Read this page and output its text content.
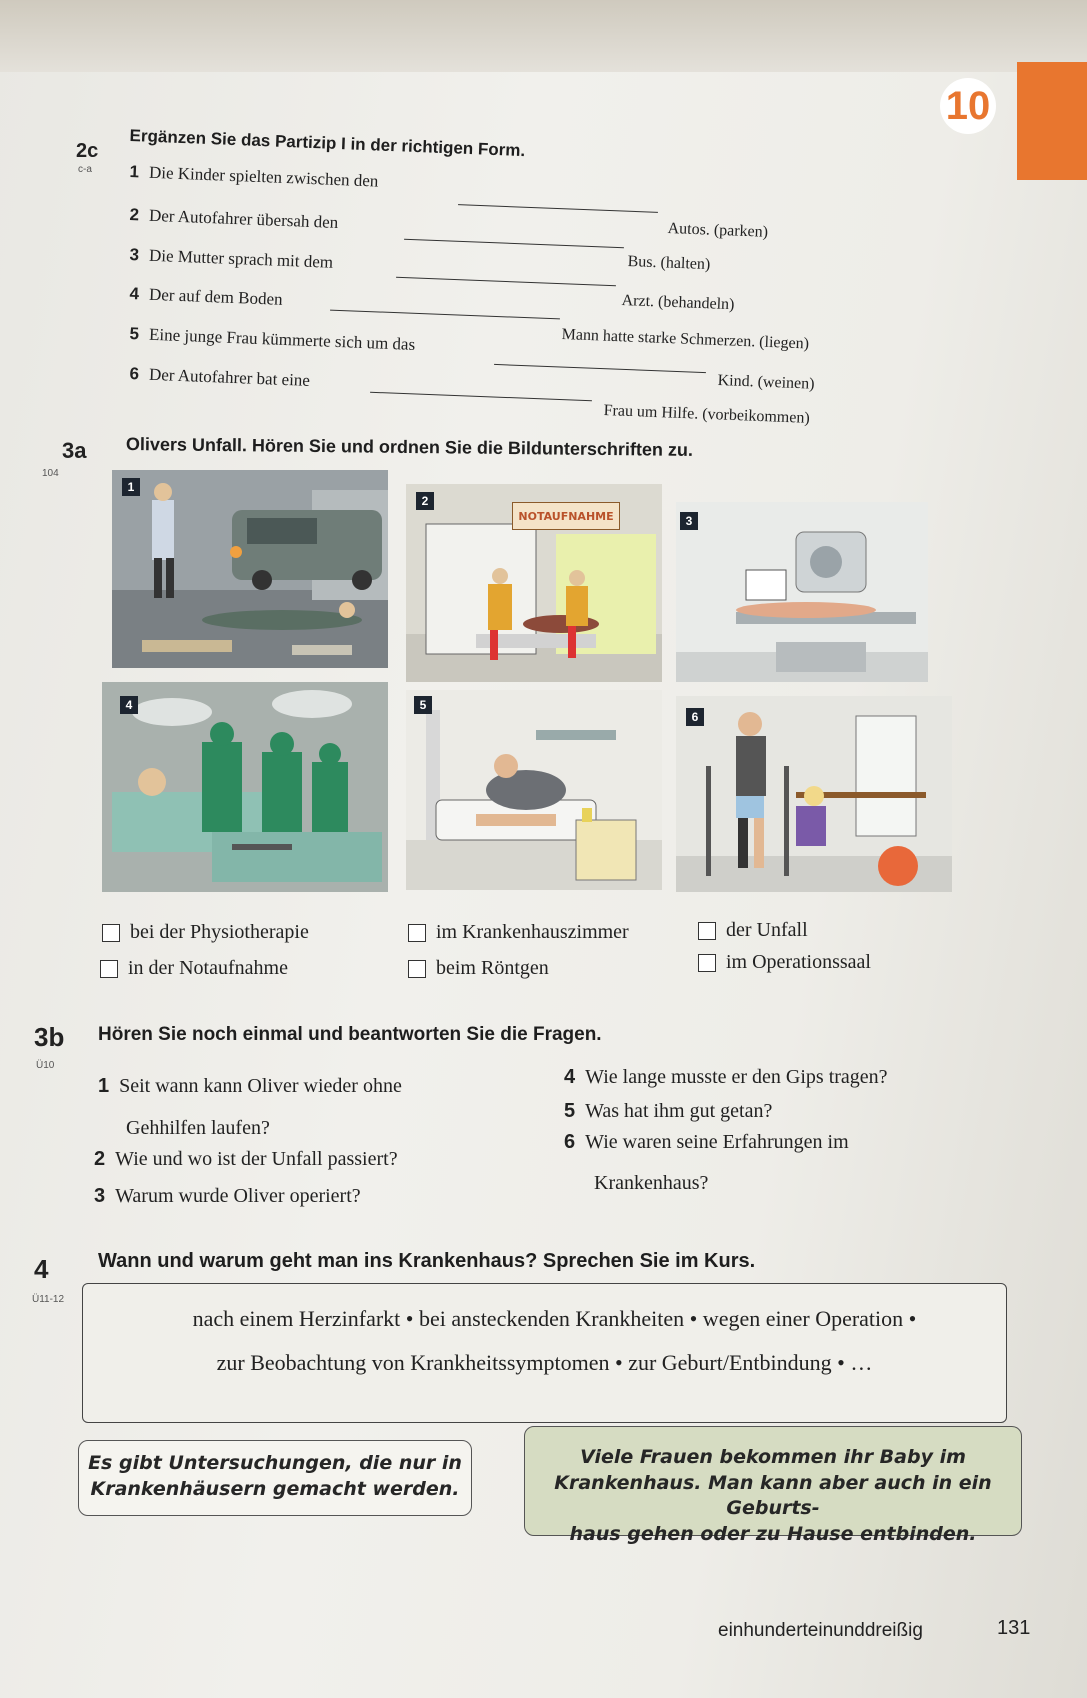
10
2c
c-a
Ergänzen Sie das Partizip I in der richtigen Form.
1 Die Kinder spielten zwischen den
Autos. (parken)
2 Der Autofahrer übersah den
Bus. (halten)
3 Die Mutter sprach mit dem
Arzt. (behandeln)
4 Der auf dem Boden
Mann hatte starke Schmerzen. (liegen)
5 Eine junge Frau kümmerte sich um das
Kind. (weinen)
6 Der Autofahrer bat eine
Frau um Hilfe. (vorbeikommen)
104
3a Olivers Unfall. Hören Sie und ordnen Sie die Bildunterschriften zu.
1
NOTAUFNAHME
2
3
4	5
6
bei der Physiotherapie	im Krankenhauszimmer	der Unfall
in der Notaufnahme	beim Röntgen	im Operationssaal
3b
Ü10
Hören Sie noch einmal und beantworten Sie die Fragen.
1 Seit wann kann Oliver wieder ohne
Gehhilfen laufen?
2 Wie und wo ist der Unfall passiert?
3 Warum wurde Oliver operiert?
4 Wie lange musste er den Gips tragen?
5 Was hat ihm gut getan?
6 Wie waren seine Erfahrungen im
Krankenhaus?
4
Ü11-12
Wann und warum geht man ins Krankenhaus? Sprechen Sie im Kurs.
nach einem Herzinfarkt • bei ansteckenden Krankheiten • wegen einer Operation •
zur Beobachtung von Krankheitssymptomen • zur Geburt/Entbindung • …
Es gibt Untersuchungen, die nur in
Krankenhäusern gemacht werden.
Viele Frauen bekommen ihr Baby im
Krankenhaus. Man kann aber auch in ein Geburts-
haus gehen oder zu Hause entbinden.
einhunderteinunddreißig	131
